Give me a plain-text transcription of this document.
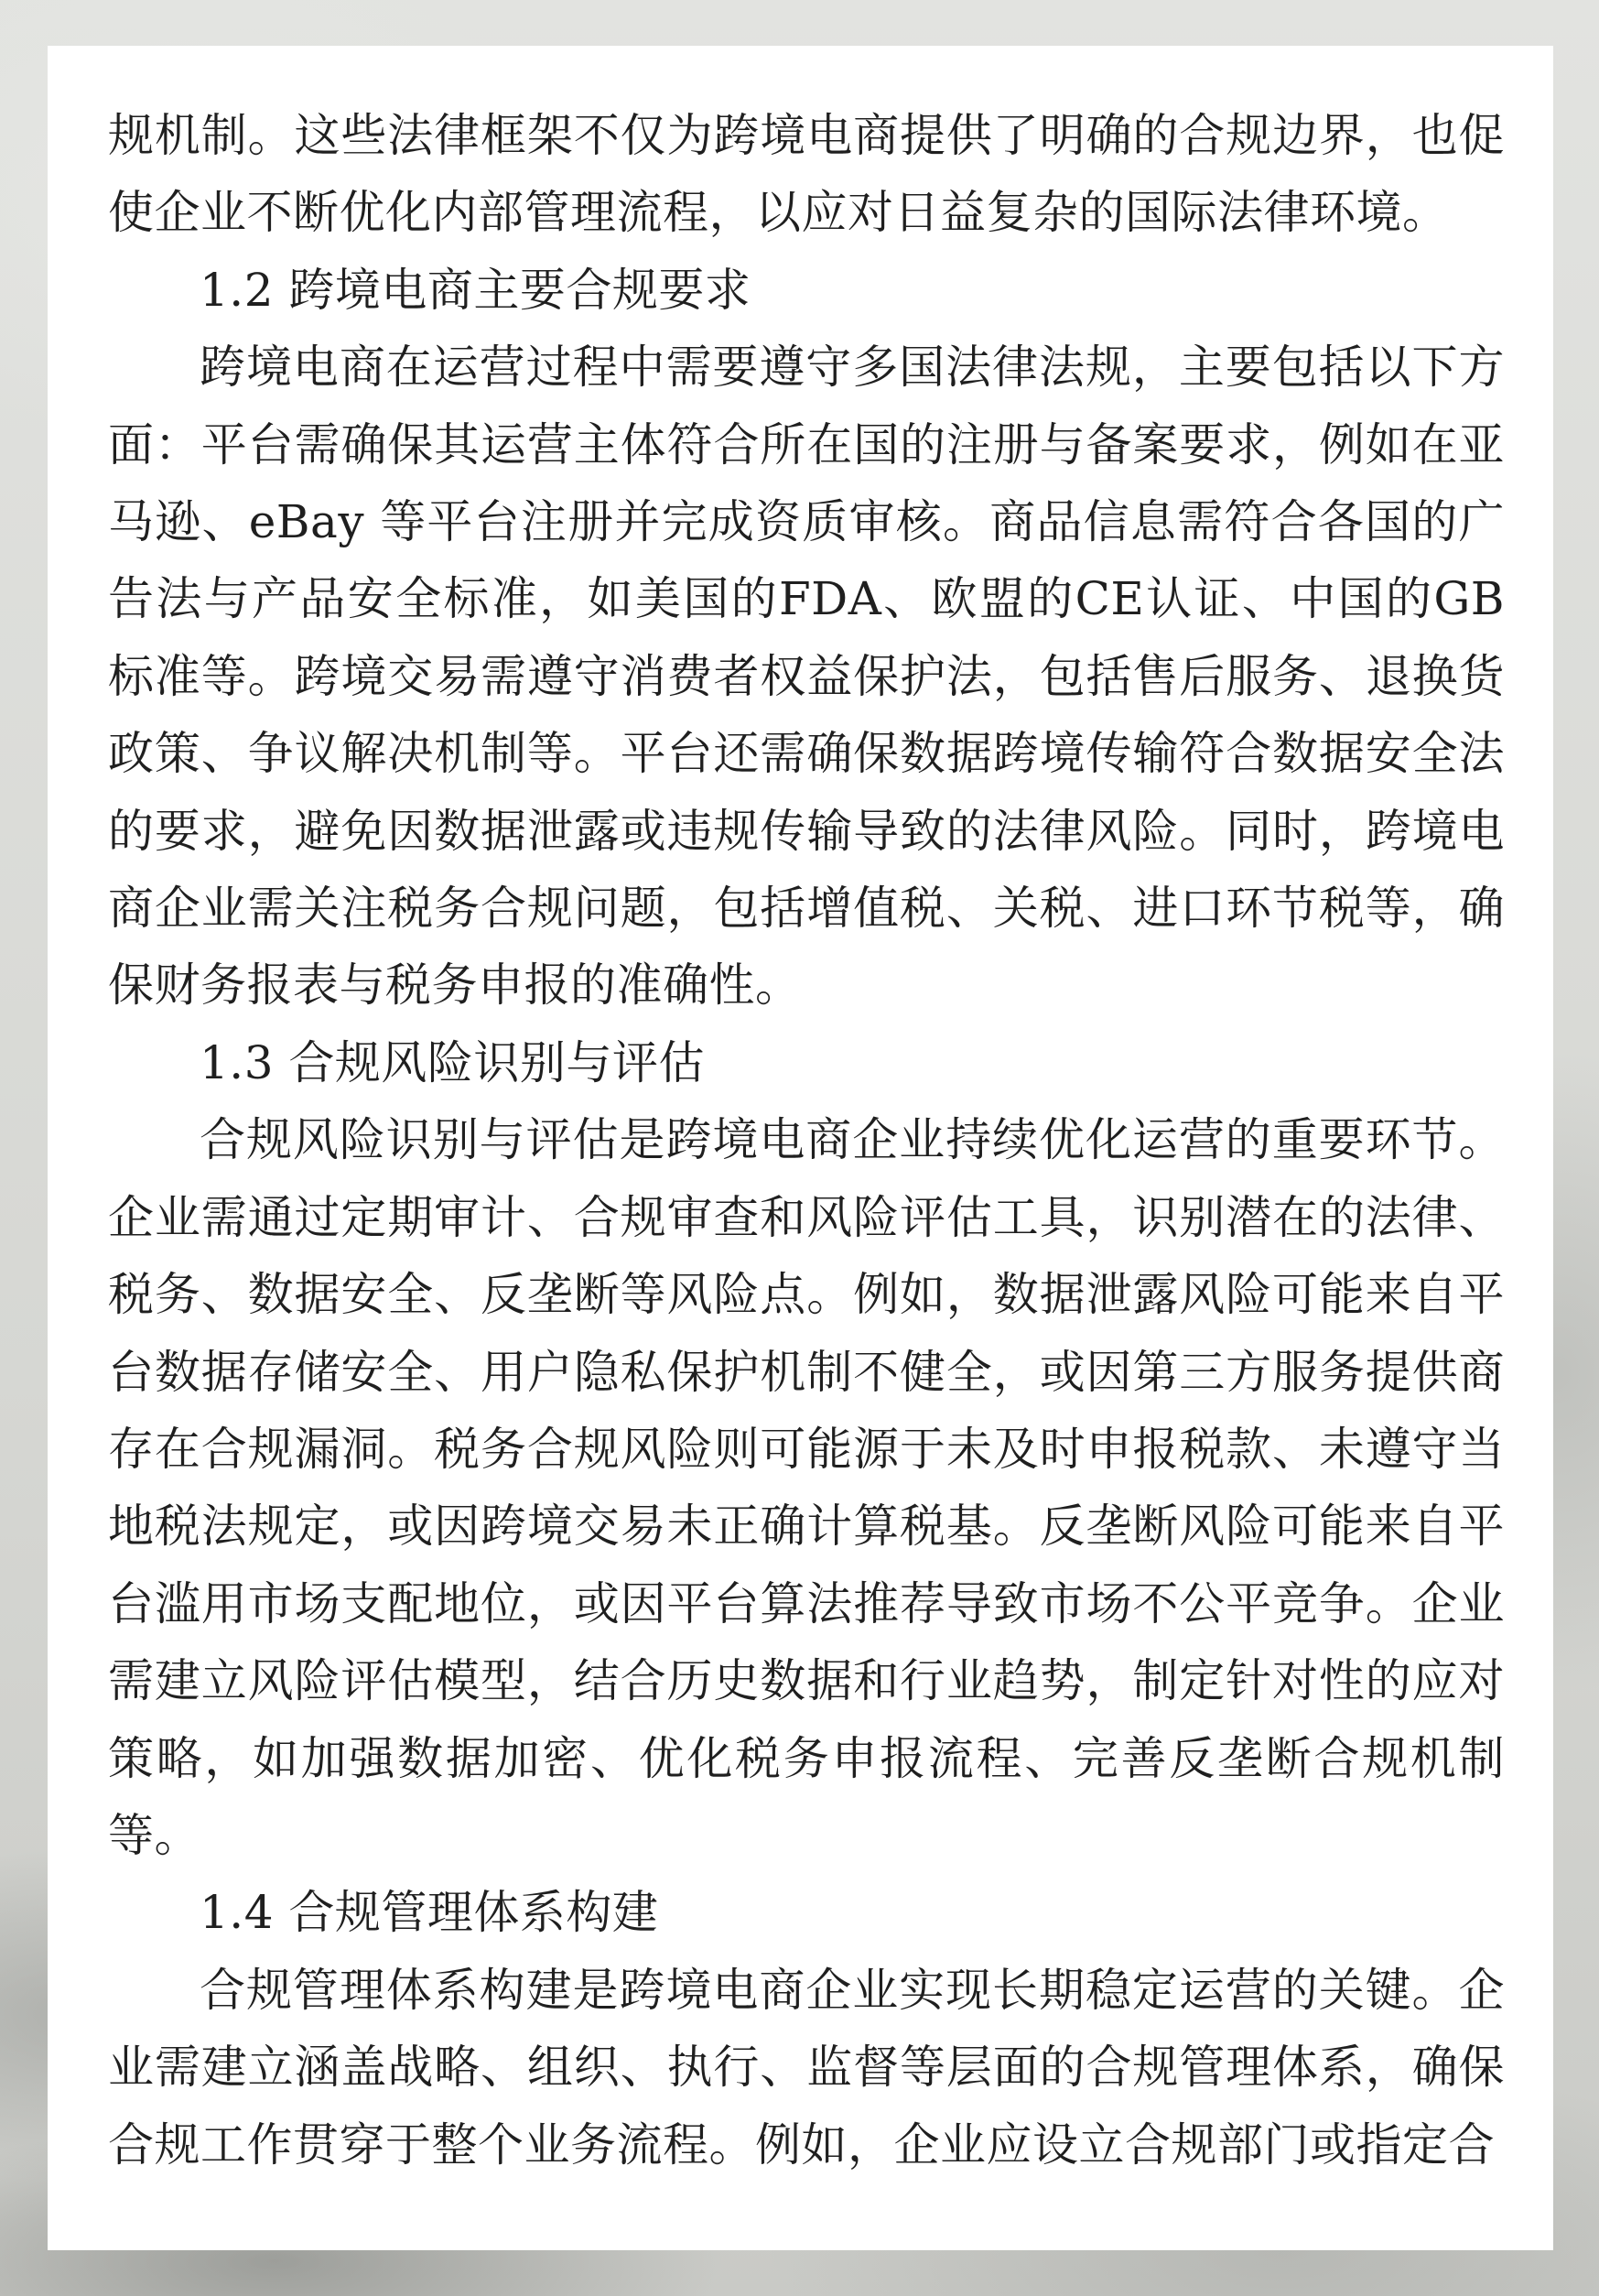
规机制。这些法律框架不仅为跨境电商提供了明确的合规边界，也促使企业不断优化内部管理流程，以应对日益复杂的国际法律环境。

1.2 跨境电商主要合规要求

跨境电商在运营过程中需要遵守多国法律法规，主要包括以下方面：平台需确保其运营主体符合所在国的注册与备案要求，例如在亚马逊、eBay 等平台注册并完成资质审核。商品信息需符合各国的广告法与产品安全标准，如美国的FDA、欧盟的CE认证、中国的GB标准等。跨境交易需遵守消费者权益保护法，包括售后服务、退换货政策、争议解决机制等。平台还需确保数据跨境传输符合数据安全法的要求，避免因数据泄露或违规传输导致的法律风险。同时，跨境电商企业需关注税务合规问题，包括增值税、关税、进口环节税等，确保财务报表与税务申报的准确性。

1.3 合规风险识别与评估

合规风险识别与评估是跨境电商企业持续优化运营的重要环节。企业需通过定期审计、合规审查和风险评估工具，识别潜在的法律、税务、数据安全、反垄断等风险点。例如，数据泄露风险可能来自平台数据存储安全、用户隐私保护机制不健全，或因第三方服务提供商存在合规漏洞。税务合规风险则可能源于未及时申报税款、未遵守当地税法规定，或因跨境交易未正确计算税基。反垄断风险可能来自平台滥用市场支配地位，或因平台算法推荐导致市场不公平竞争。企业需建立风险评估模型，结合历史数据和行业趋势，制定针对性的应对策略，如加强数据加密、优化税务申报流程、完善反垄断合规机制等。

1.4 合规管理体系构建

合规管理体系构建是跨境电商企业实现长期稳定运营的关键。企业需建立涵盖战略、组织、执行、监督等层面的合规管理体系，确保合规工作贯穿于整个业务流程。例如，企业应设立合规部门或指定合
